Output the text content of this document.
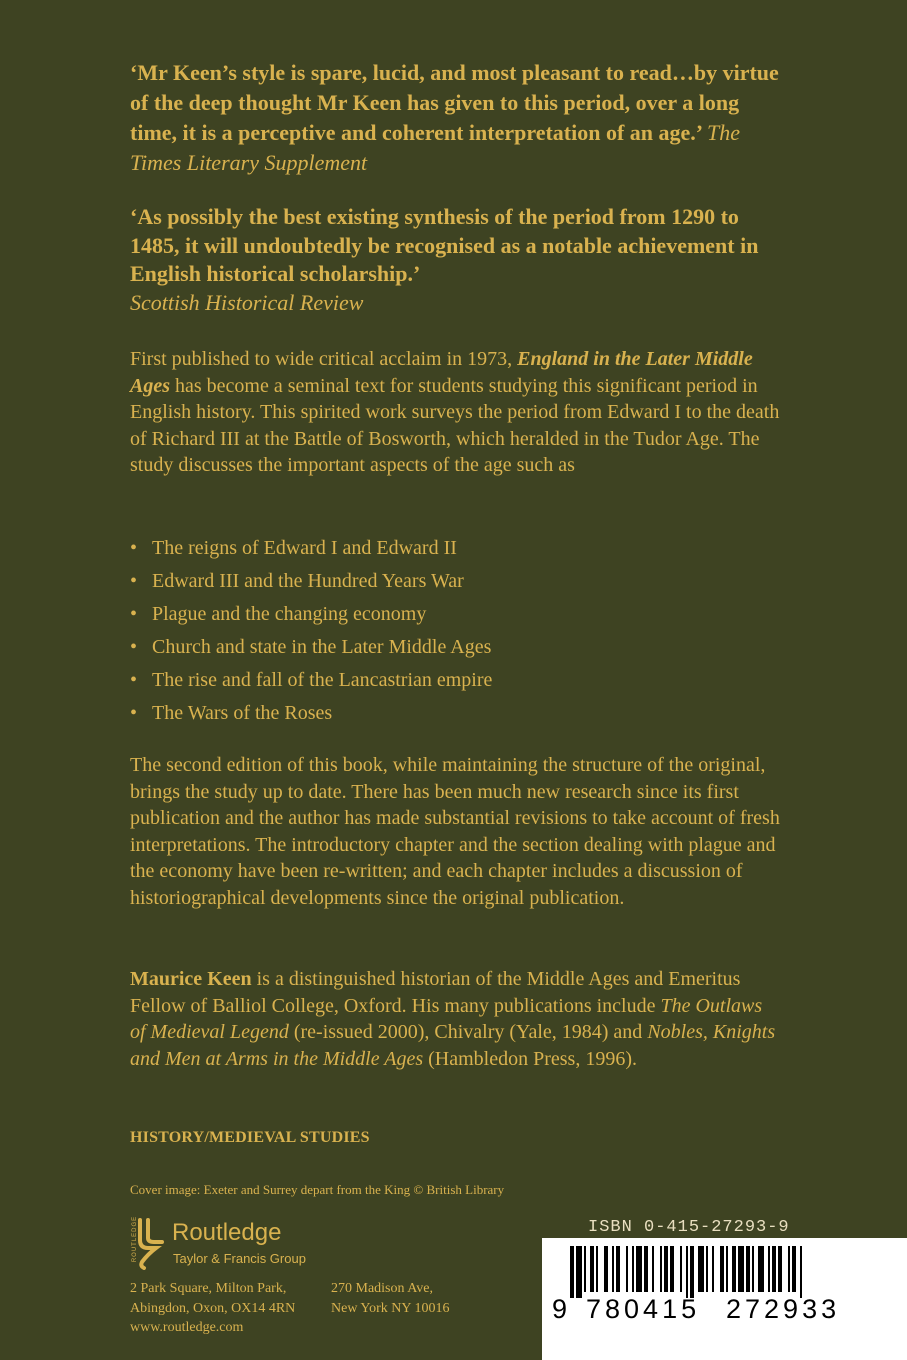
‘Mr Keen’s style is spare, lucid, and most pleasant to read…by virtue of the deep thought Mr Keen has given to this period, over a long time, it is a perceptive and coherent interpretation of an age.’ The Times Literary Supplement
‘As possibly the best existing synthesis of the period from 1290 to 1485, it will undoubtedly be recognised as a notable achievement in English historical scholarship.’
Scottish Historical Review
First published to wide critical acclaim in 1973, England in the Later Middle Ages has become a seminal text for students studying this significant period in English history. This spirited work surveys the period from Edward I to the death of Richard III at the Battle of Bosworth, which heralded in the Tudor Age. The study discusses the important aspects of the age such as
• The reigns of Edward I and Edward II
• Edward III and the Hundred Years War
• Plague and the changing economy
• Church and state in the Later Middle Ages
• The rise and fall of the Lancastrian empire
• The Wars of the Roses
The second edition of this book, while maintaining the structure of the original, brings the study up to date. There has been much new research since its first publication and the author has made substantial revisions to take account of fresh interpretations. The introductory chapter and the section dealing with plague and the economy have been re-written; and each chapter includes a discussion of historiographical developments since the original publication.
Maurice Keen is a distinguished historian of the Middle Ages and Emeritus Fellow of Balliol College, Oxford. His many publications include The Outlaws of Medieval Legend (re-issued 2000), Chivalry (Yale, 1984) and Nobles, Knights and Men at Arms in the Middle Ages (Hambledon Press, 1996).
HISTORY/MEDIEVAL STUDIES
Cover image: Exeter and Surrey depart from the King © British Library
ROUTLEDGE Routledge
Taylor & Francis Group
2 Park Square, Milton Park,
Abingdon, Oxon, OX14 4RN
www.routledge.com
270 Madison Ave,
New York NY 10016
ISBN 0-415-27293-9
9 780415 272933
